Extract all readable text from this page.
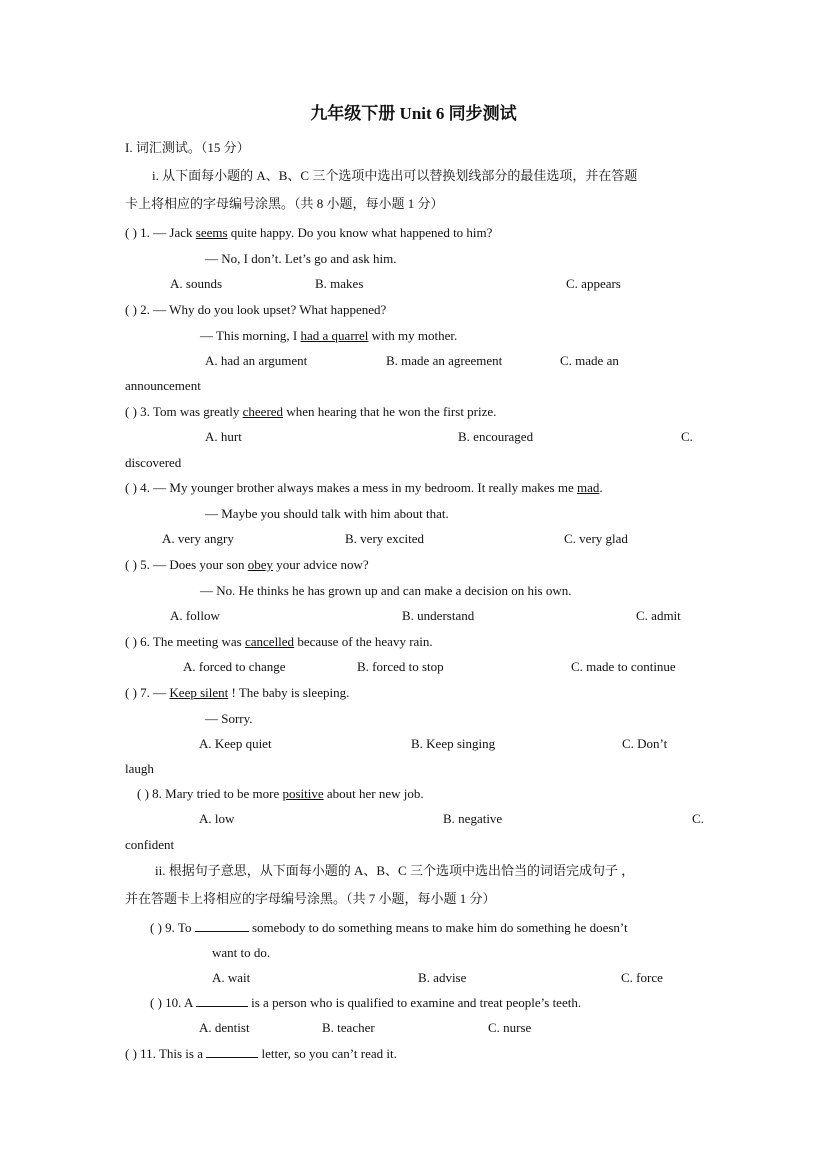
九年级下册 Unit 6 同步测试
I. 词汇测试。（15 分）
i. 从下面每小题的 A、B、C 三个选项中选出可以替换划线部分的最佳选项，并在答题
卡上将相应的字母编号涂黑。（共 8 小题，每小题 1 分）
( ) 1. — Jack seems quite happy. Do you know what happened to him?
— No, I don’t. Let’s go and ask him.
A. sounds	B. makes	C. appears
( ) 2. — Why do you look upset? What happened?
— This morning, I had a quarrel with my mother.
A. had an argument	B. made an agreement	C. made an
announcement
( ) 3. Tom was greatly cheered when hearing that he won the first prize.
A. hurt	B. encouraged	C.
discovered
( ) 4. — My younger brother always makes a mess in my bedroom. It really makes me mad.
— Maybe you should talk with him about that.
A. very angry	B. very excited	C. very glad
( ) 5. — Does your son obey your advice now?
— No. He thinks he has grown up and can make a decision on his own.
A. follow	B. understand	C. admit
( ) 6. The meeting was cancelled because of the heavy rain.
A. forced to change	B. forced to stop	C. made to continue
( ) 7. — Keep silent ! The baby is sleeping.
— Sorry.
A. Keep quiet	B. Keep singing	C. Don’t
laugh
( ) 8. Mary tried to be more positive about her new job.
A. low	B. negative	C.
confident
ii. 根据句子意思，从下面每小题的 A、B、C 三个选项中选出恰当的词语完成句子 ，
并在答题卡上将相应的字母编号涂黑。（共 7 小题，每小题 1 分）
( ) 9. To	somebody to do something means to make him do something he doesn’t
want to do.
A. wait	B. advise	C. force
( ) 10. A	is a person who is qualified to examine and treat people’s teeth.
A. dentist	B. teacher	C. nurse
( ) 11. This is a	letter, so you can’t read it.
